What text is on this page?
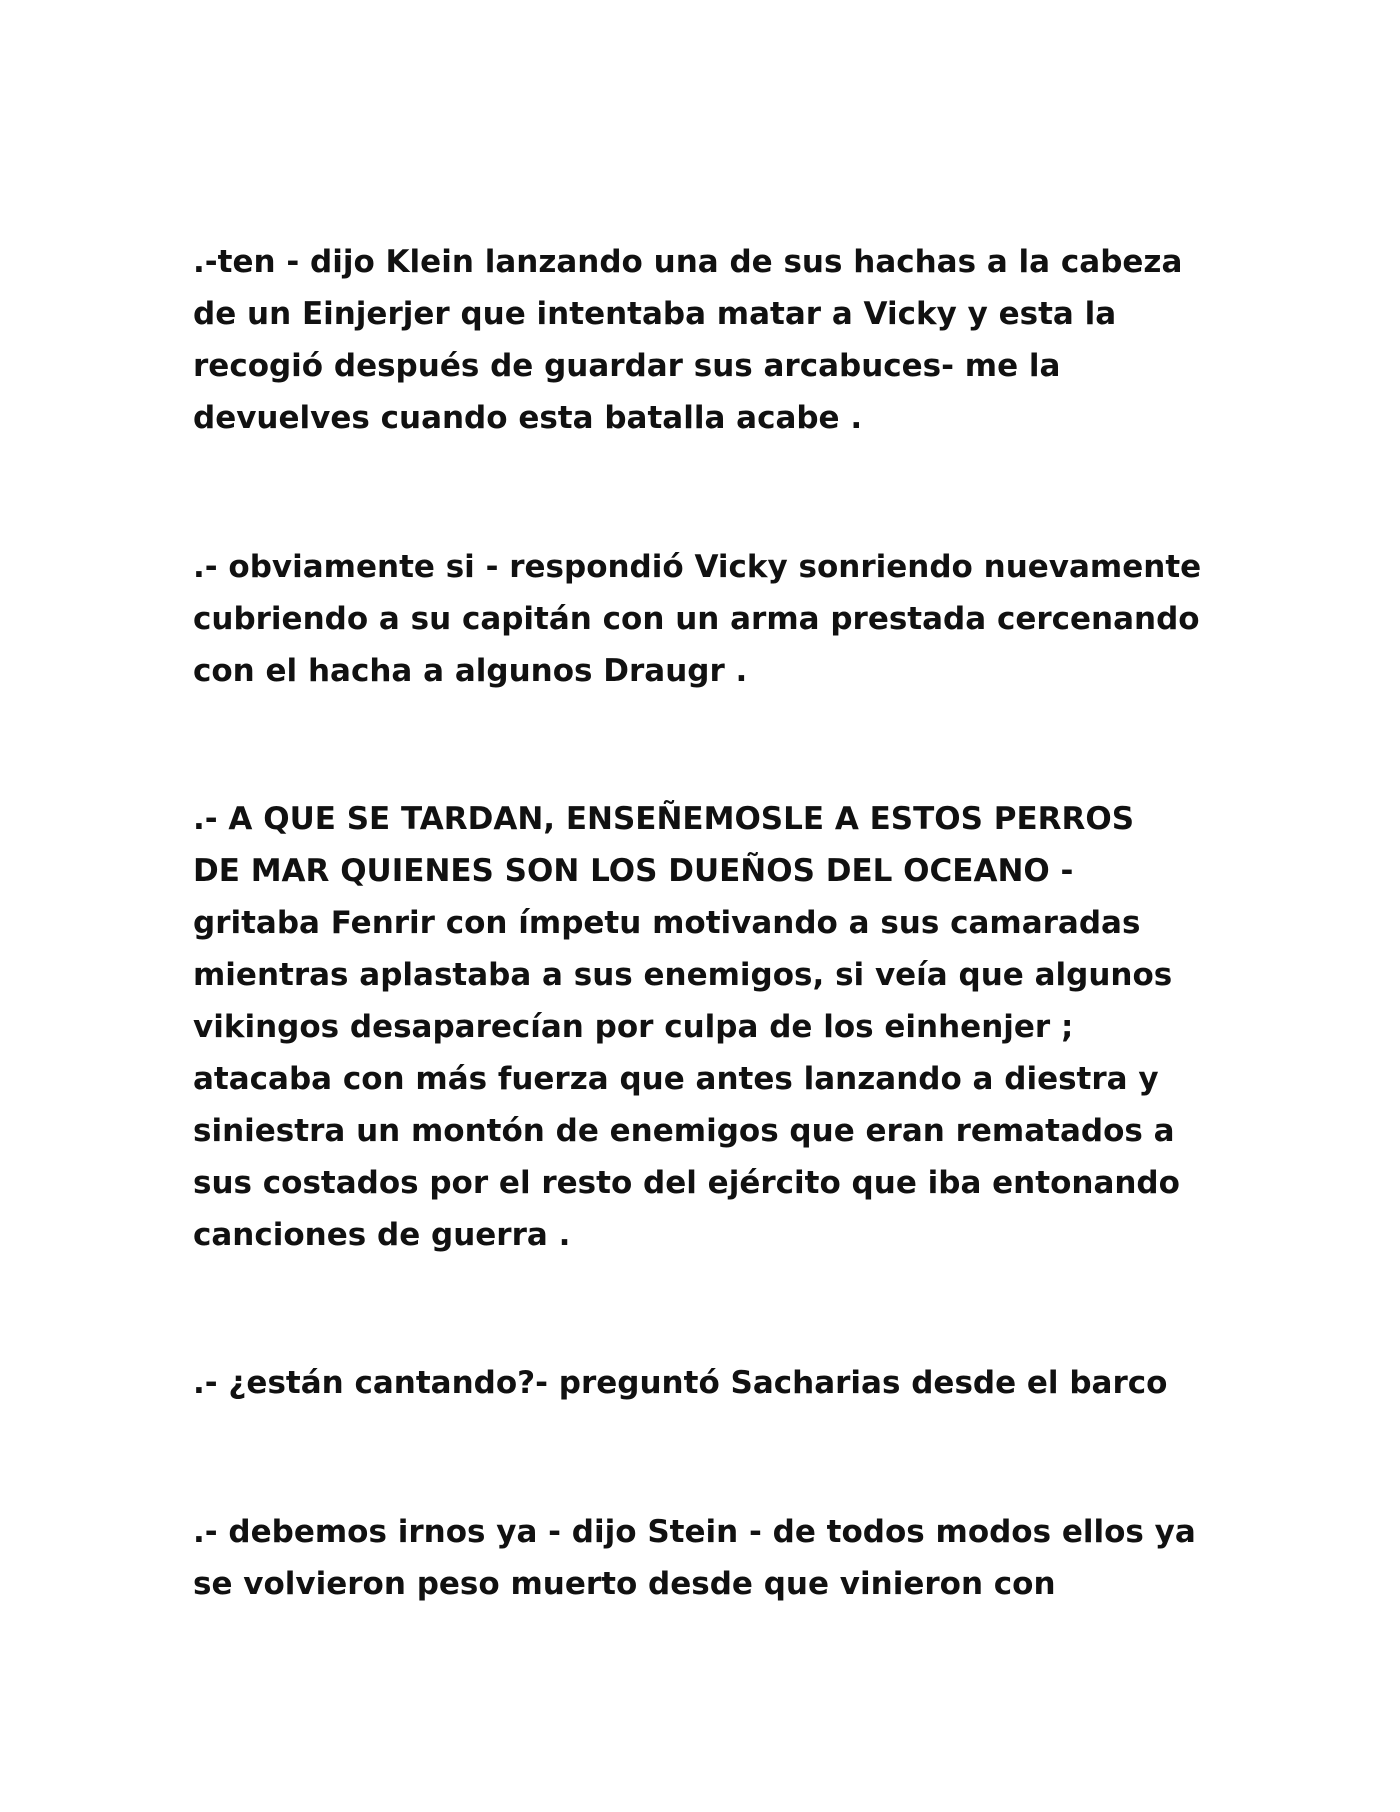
.-ten - dijo Klein lanzando una de sus hachas a la cabeza
de un Einjerjer que intentaba matar a Vicky y esta la
recogió después de guardar sus arcabuces- me la
devuelves cuando esta batalla acabe .

.- obviamente si - respondió Vicky sonriendo nuevamente
cubriendo a su capitán con un arma prestada cercenando
con el hacha a algunos Draugr .

.- A QUE SE TARDAN, ENSEÑEMOSLE A ESTOS PERROS
DE MAR QUIENES SON LOS DUEÑOS DEL OCEANO -
gritaba Fenrir con ímpetu motivando a sus camaradas
mientras aplastaba a sus enemigos, si veía que algunos
vikingos desaparecían por culpa de los einhenjer ;
atacaba con más fuerza que antes lanzando a diestra y
siniestra un montón de enemigos que eran rematados a
sus costados por el resto del ejército que iba entonando
canciones de guerra .

.- ¿están cantando?- preguntó Sacharias desde el barco

.- debemos irnos ya - dijo Stein - de todos modos ellos ya
se volvieron peso muerto desde que vinieron con
